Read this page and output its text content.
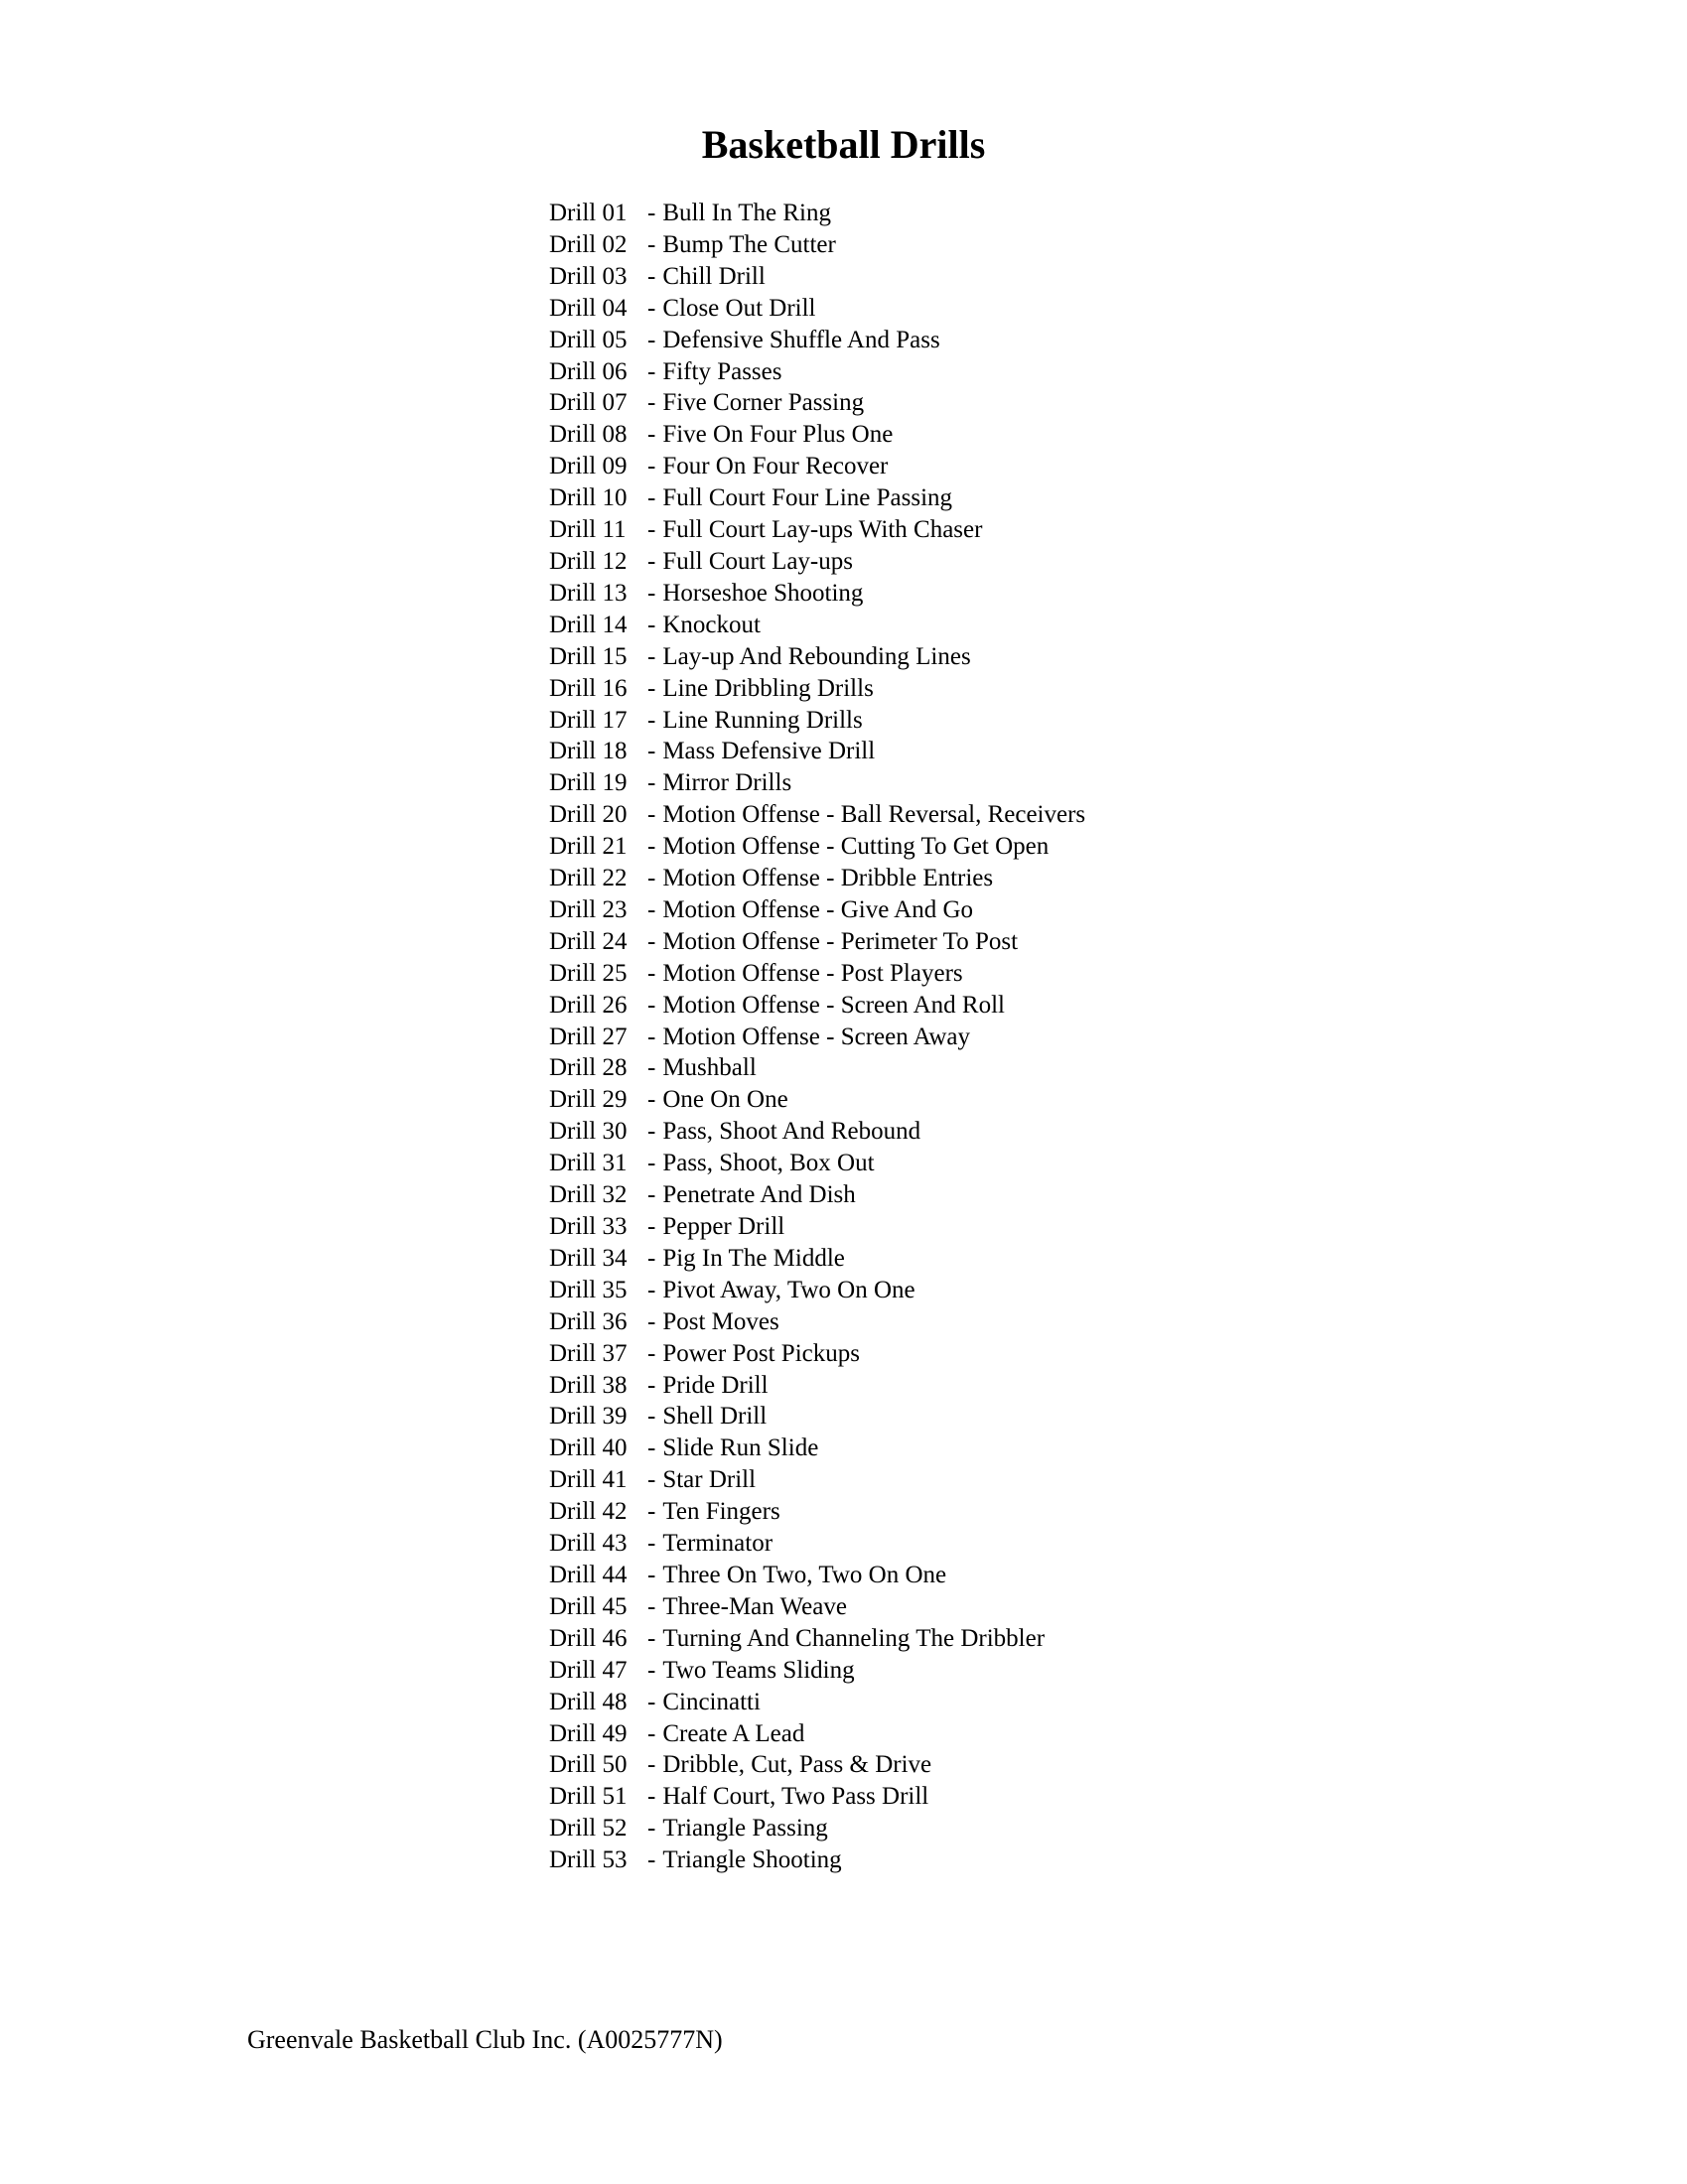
Basketball Drills
Drill 01 - Bull In The Ring
Drill 02 - Bump The Cutter
Drill 03 - Chill Drill
Drill 04 - Close Out Drill
Drill 05 - Defensive Shuffle And Pass
Drill 06 - Fifty Passes
Drill 07 - Five Corner Passing
Drill 08 - Five On Four Plus One
Drill 09 - Four On Four Recover
Drill 10 - Full Court Four Line Passing
Drill 11 - Full Court Lay-ups With Chaser
Drill 12 - Full Court Lay-ups
Drill 13 - Horseshoe Shooting
Drill 14 - Knockout
Drill 15 - Lay-up And Rebounding Lines
Drill 16 - Line Dribbling Drills
Drill 17 - Line Running Drills
Drill 18 - Mass Defensive Drill
Drill 19 - Mirror Drills
Drill 20 - Motion Offense - Ball Reversal, Receivers
Drill 21 - Motion Offense - Cutting To Get Open
Drill 22 - Motion Offense - Dribble Entries
Drill 23 - Motion Offense - Give And Go
Drill 24 - Motion Offense - Perimeter To Post
Drill 25 - Motion Offense - Post Players
Drill 26 - Motion Offense - Screen And Roll
Drill 27 - Motion Offense - Screen Away
Drill 28 - Mushball
Drill 29 - One On One
Drill 30 - Pass, Shoot And Rebound
Drill 31 - Pass, Shoot, Box Out
Drill 32 - Penetrate And Dish
Drill 33 - Pepper Drill
Drill 34 - Pig In The Middle
Drill 35 - Pivot Away, Two On One
Drill 36 - Post Moves
Drill 37 - Power Post Pickups
Drill 38 - Pride Drill
Drill 39 - Shell Drill
Drill 40 - Slide Run Slide
Drill 41 - Star Drill
Drill 42 - Ten Fingers
Drill 43 - Terminator
Drill 44 - Three On Two, Two On One
Drill 45 - Three-Man Weave
Drill 46 - Turning And Channeling The Dribbler
Drill 47 - Two Teams Sliding
Drill 48 - Cincinatti
Drill 49 - Create A Lead
Drill 50 - Dribble, Cut, Pass & Drive
Drill 51 - Half Court, Two Pass Drill
Drill 52 - Triangle Passing
Drill 53 - Triangle Shooting
Greenvale Basketball Club Inc. (A0025777N)
